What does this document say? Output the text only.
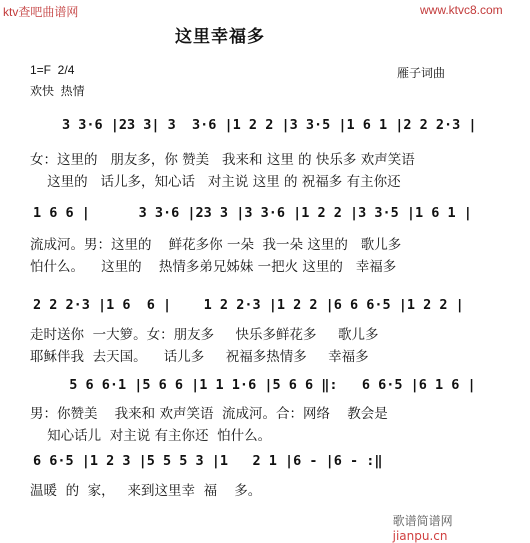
ktv查吧曲谱网	www.ktvc8.com
这里幸福多
1=F  2/4
欢快  热情
雁子词曲
3 3·6 |23 3| 3  3·6 |1 2 2 |3 3·5 |1 6 1 |2 2 2·3 |
女：这里的   朋友多，你 赞美   我来和 这里 的 快乐多 欢声笑语
这里的   话儿多，知心话   对主说 这里 的 祝福多 有主你还
1 6 6 |      3 3·6 |23 3 |3 3·6 |1 2 2 |3 3·5 |1 6 1 |
流成河。男：这里的    鲜花多你 一朵  我一朵 这里的   歌儿多
怕什么。    这里的    热情多弟兄姊妹 一把火 这里的   幸福多
2 2 2·3 |1 6  6 |    1 2 2·3 |1 2 2 |6 6 6·5 |1 2 2 |
走时送你  一大箩。女：朋友多     快乐多鲜花多     歌儿多
耶稣伴我  去天国。    话儿多     祝福多热情多     幸福多
5 6 6·1 |5 6 6 |1 1 1·6 |5 6 6 ‖:   6 6·5 |6 1 6 |
男：你赞美    我来和 欢声笑语  流成河。合：网络    教会是
知心话儿  对主说 有主你还  怕什么。
6 6·5 |1 2 3 |5 5 5 3 |1   2 1 |6 - |6 - :‖
温暖  的  家，   来到这里幸  福    多。

歌谱简谱网
jianpu.cn
